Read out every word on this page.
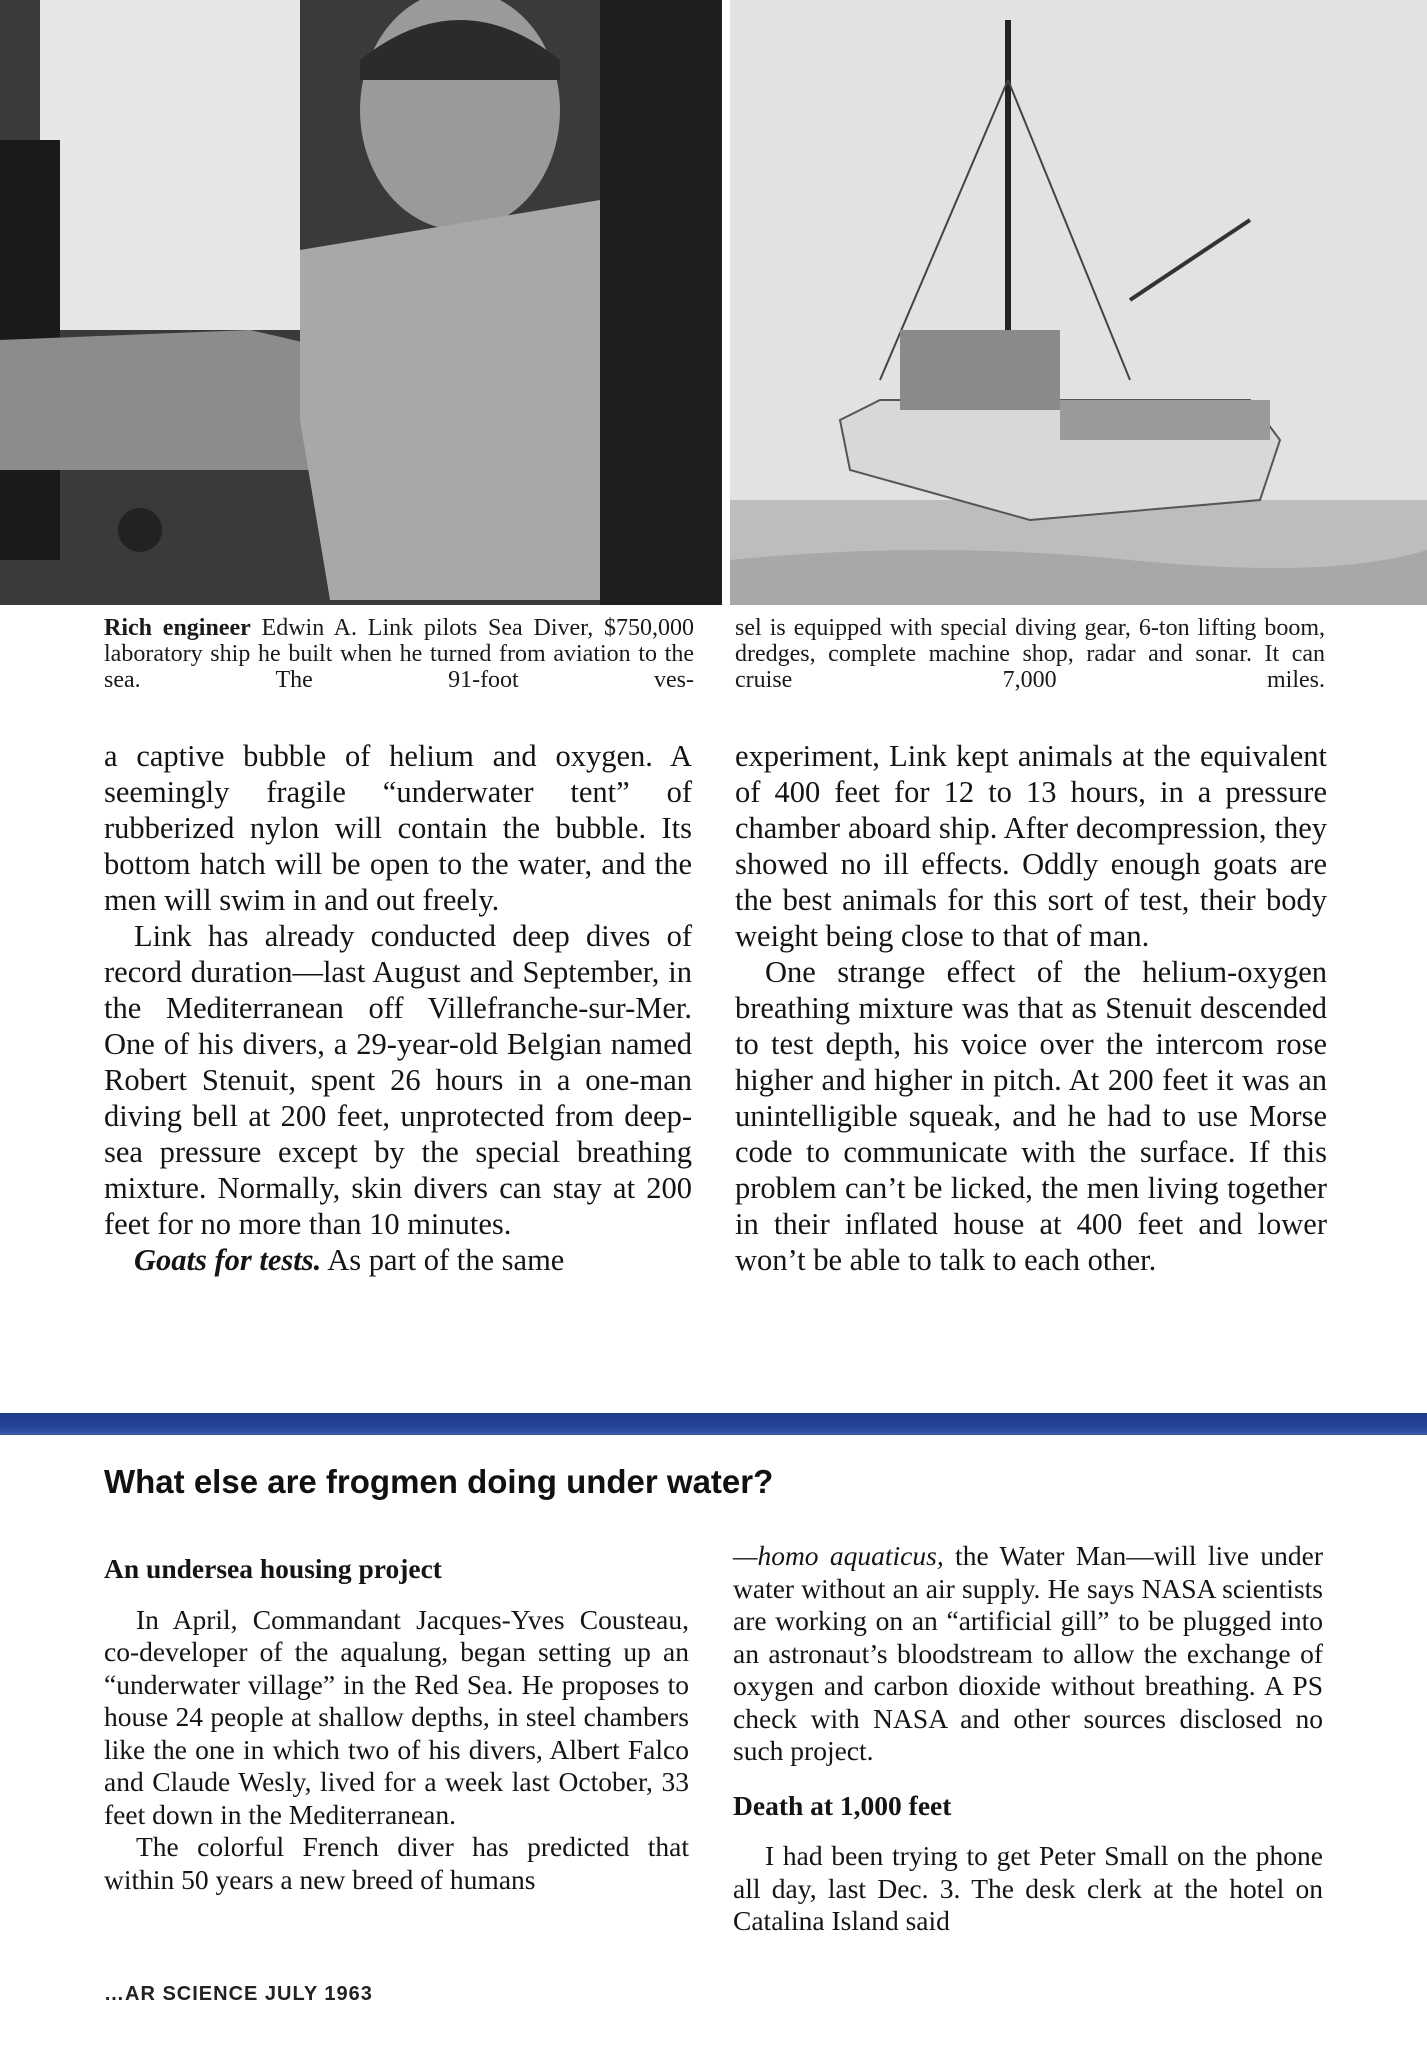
Rich engineer Edwin A. Link pilots Sea Diver, $750,000 laboratory ship he built when he turned from aviation to the sea. The 91-foot ves-
sel is equipped with special diving gear, 6-ton lifting boom, dredges, complete machine shop, radar and sonar. It can cruise 7,000 miles.

a captive bubble of helium and oxygen. A seemingly fragile “underwater tent” of rubberized nylon will contain the bubble. Its bottom hatch will be open to the water, and the men will swim in and out freely.

Link has already conducted deep dives of record duration—last August and September, in the Mediterranean off Villefranche-sur-Mer. One of his divers, a 29-year-old Belgian named Robert Stenuit, spent 26 hours in a one-man diving bell at 200 feet, unprotected from deep-sea pressure except by the special breathing mixture. Normally, skin divers can stay at 200 feet for no more than 10 minutes.

Goats for tests. As part of the same

experiment, Link kept animals at the equivalent of 400 feet for 12 to 13 hours, in a pressure chamber aboard ship. After decompression, they showed no ill effects. Oddly enough goats are the best animals for this sort of test, their body weight being close to that of man.

One strange effect of the helium-oxygen breathing mixture was that as Stenuit descended to test depth, his voice over the intercom rose higher and higher in pitch. At 200 feet it was an unintelligible squeak, and he had to use Morse code to communicate with the surface. If this problem can’t be licked, the men living together in their inflated house at 400 feet and lower won’t be able to talk to each other.

What else are frogmen doing under water?
An undersea housing project

In April, Commandant Jacques-Yves Cousteau, co-developer of the aqualung, began setting up an “underwater village” in the Red Sea. He proposes to house 24 people at shallow depths, in steel chambers like the one in which two of his divers, Albert Falco and Claude Wesly, lived for a week last October, 33 feet down in the Mediterranean.

The colorful French diver has predicted that within 50 years a new breed of humans

—homo aquaticus, the Water Man—will live under water without an air supply. He says NASA scientists are working on an “artificial gill” to be plugged into an astronaut’s bloodstream to allow the exchange of oxygen and carbon dioxide without breathing. A PS check with NASA and other sources disclosed no such project.

Death at 1,000 feet

I had been trying to get Peter Small on the phone all day, last Dec. 3. The desk clerk at the hotel on Catalina Island said

…AR SCIENCE JULY 1963
